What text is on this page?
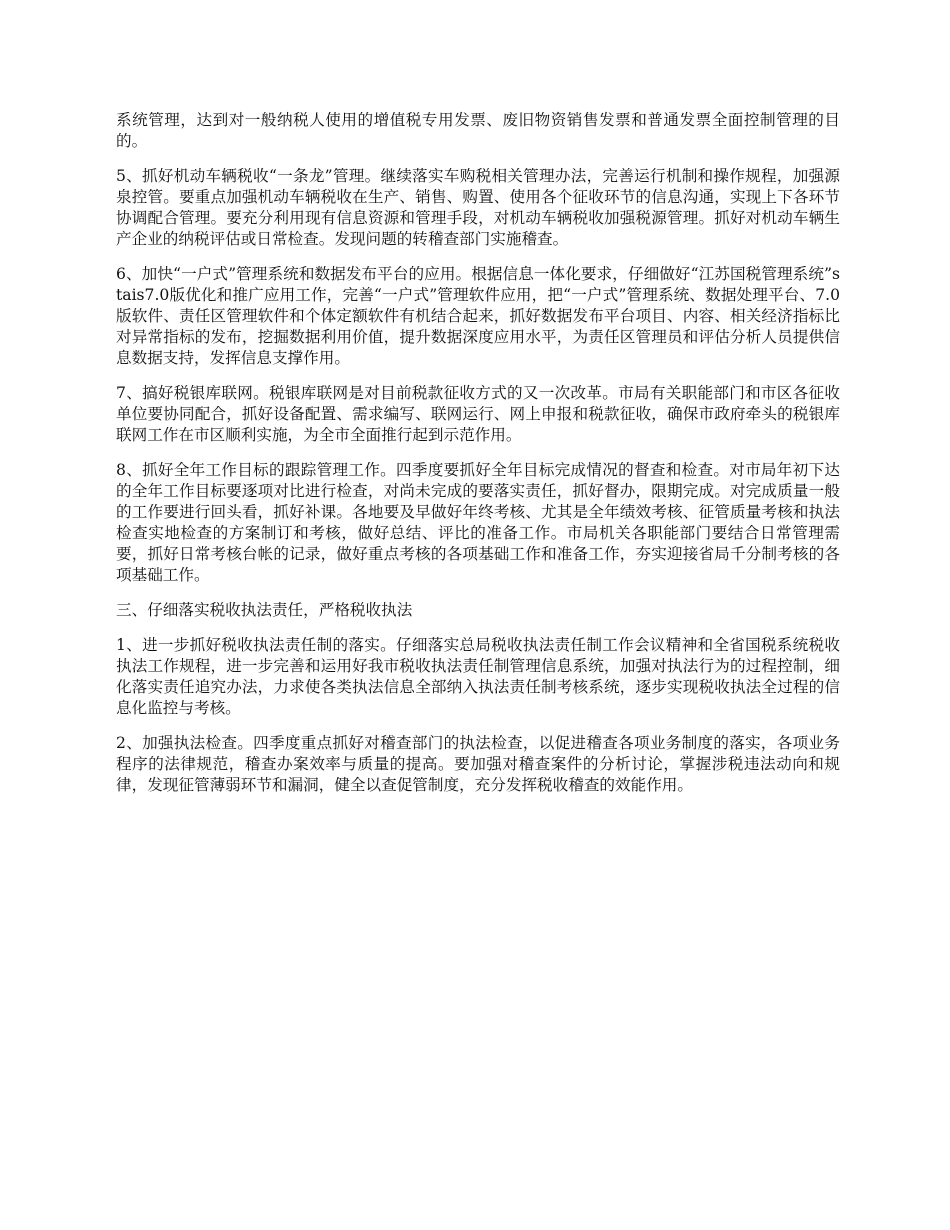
系统管理，达到对一般纳税人使用的增值税专用发票、废旧物资销售发票和普通发票全面控制管理的目的。

5、抓好机动车辆税收“一条龙”管理。继续落实车购税相关管理办法，完善运行机制和操作规程，加强源泉控管。要重点加强机动车辆税收在生产、销售、购置、使用各个征收环节的信息沟通，实现上下各环节协调配合管理。要充分利用现有信息资源和管理手段，对机动车辆税收加强税源管理。抓好对机动车辆生产企业的纳税评估或日常检查。发现问题的转稽查部门实施稽查。

6、加快“一户式”管理系统和数据发布平台的应用。根据信息一体化要求，仔细做好“江苏国税管理系统”stais7.0版优化和推广应用工作，完善“一户式”管理软件应用，把“一户式”管理系统、数据处理平台、7.0版软件、责任区管理软件和个体定额软件有机结合起来，抓好数据发布平台项目、内容、相关经济指标比对异常指标的发布，挖掘数据利用价值，提升数据深度应用水平，为责任区管理员和评估分析人员提供信息数据支持，发挥信息支撑作用。

7、搞好税银库联网。税银库联网是对目前税款征收方式的又一次改革。市局有关职能部门和市区各征收单位要协同配合，抓好设备配置、需求编写、联网运行、网上申报和税款征收，确保市政府牵头的税银库联网工作在市区顺利实施，为全市全面推行起到示范作用。

8、抓好全年工作目标的跟踪管理工作。四季度要抓好全年目标完成情况的督查和检查。对市局年初下达的全年工作目标要逐项对比进行检查，对尚未完成的要落实责任，抓好督办，限期完成。对完成质量一般的工作要进行回头看，抓好补课。各地要及早做好年终考核、尤其是全年绩效考核、征管质量考核和执法检查实地检查的方案制订和考核，做好总结、评比的准备工作。市局机关各职能部门要结合日常管理需要，抓好日常考核台帐的记录，做好重点考核的各项基础工作和准备工作，夯实迎接省局千分制考核的各项基础工作。

三、仔细落实税收执法责任，严格税收执法

1、进一步抓好税收执法责任制的落实。仔细落实总局税收执法责任制工作会议精神和全省国税系统税收执法工作规程，进一步完善和运用好我市税收执法责任制管理信息系统，加强对执法行为的过程控制，细化落实责任追究办法，力求使各类执法信息全部纳入执法责任制考核系统，逐步实现税收执法全过程的信息化监控与考核。

2、加强执法检查。四季度重点抓好对稽查部门的执法检查，以促进稽查各项业务制度的落实，各项业务程序的法律规范，稽查办案效率与质量的提高。要加强对稽查案件的分析讨论，掌握涉税违法动向和规律，发现征管薄弱环节和漏洞，健全以查促管制度，充分发挥税收稽查的效能作用。
